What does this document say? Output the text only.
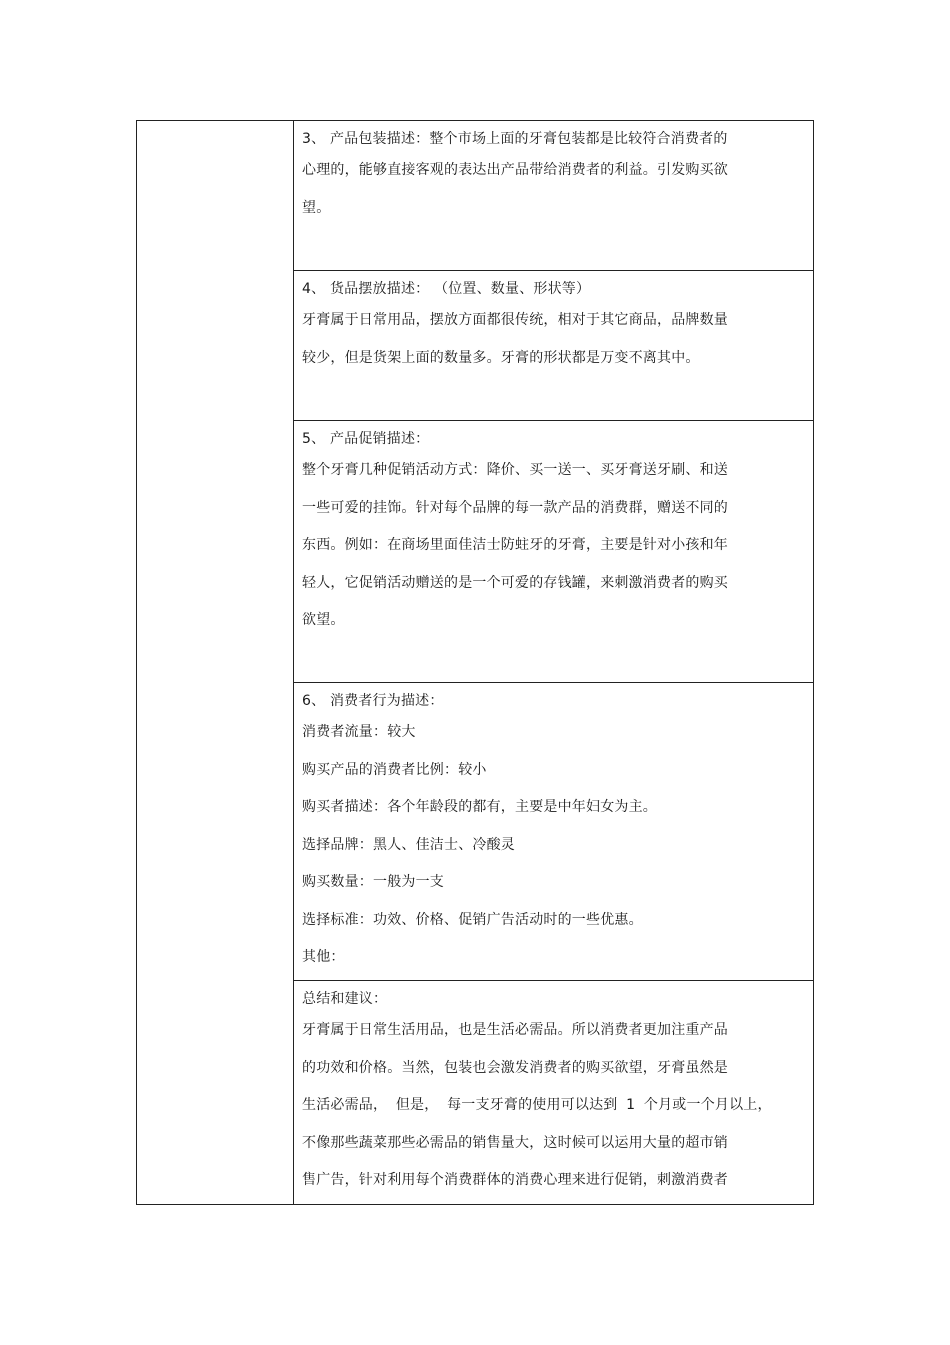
3、 产品包装描述：整个市场上面的牙膏包装都是比较符合消费者的
心理的，能够直接客观的表达出产品带给消费者的利益。引发购买欲
望。
4、 货品摆放描述： （位置、数量、形状等）
牙膏属于日常用品，摆放方面都很传统，相对于其它商品，品牌数量
较少，但是货架上面的数量多。牙膏的形状都是万变不离其中。
5、 产品促销描述：
整个牙膏几种促销活动方式：降价、买一送一、买牙膏送牙刷、和送
一些可爱的挂饰。针对每个品牌的每一款产品的消费群，赠送不同的
东西。例如：在商场里面佳洁士防蛀牙的牙膏，主要是针对小孩和年
轻人，它促销活动赠送的是一个可爱的存钱罐，来刺激消费者的购买
欲望。
6、 消费者行为描述：
消费者流量：较大
购买产品的消费者比例：较小
购买者描述：各个年龄段的都有，主要是中年妇女为主。
选择品牌：黑人、佳洁士、冷酸灵
购买数量：一般为一支
选择标准：功效、价格、促销广告活动时的一些优惠。
其他：
总结和建议：
牙膏属于日常生活用品，也是生活必需品。所以消费者更加注重产品
的功效和价格。当然，包装也会激发消费者的购买欲望，牙膏虽然是
生活必需品， 但是， 每一支牙膏的使用可以达到 1 个月或一个月以上，
不像那些蔬菜那些必需品的销售量大，这时候可以运用大量的超市销
售广告，针对利用每个消费群体的消费心理来进行促销，刺激消费者
